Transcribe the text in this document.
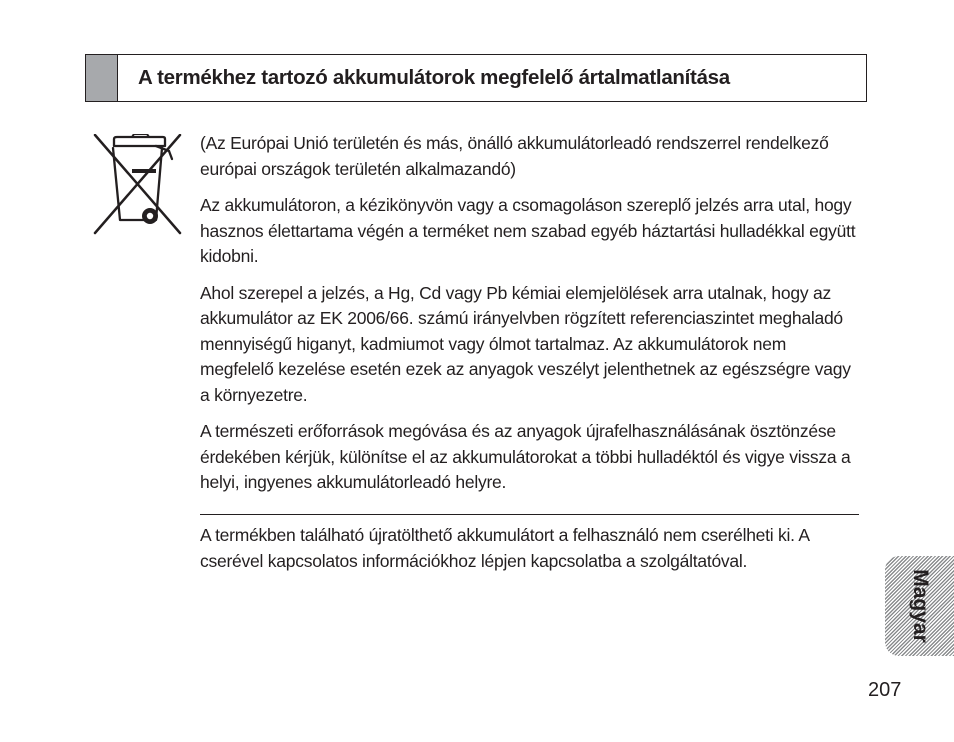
A termékhez tartozó akkumulátorok megfelelő ártalmatlanítása

(Az Európai Unió területén és más, önálló akkumulátorleadó rendszerrel rendelkező európai országok területén alkalmazandó)

Az akkumulátoron, a kézikönyvön vagy a csomagoláson szereplő jelzés arra utal, hogy hasznos élettartama végén a terméket nem szabad egyéb háztartási hulladékkal együtt kidobni.

Ahol szerepel a jelzés, a Hg, Cd vagy Pb kémiai elemjelölések arra utalnak, hogy az akkumulátor az EK 2006/66. számú irányelvben rögzített referenciaszintet meghaladó mennyiségű higanyt, kadmiumot vagy ólmot tartalmaz. Az akkumulátorok nem megfelelő kezelése esetén ezek az anyagok veszélyt jelenthetnek az egészségre vagy a környezetre.

A természeti erőforrások megóvása és az anyagok újrafelhasználásának ösztönzése érdekében kérjük, különítse el az akkumulátorokat a többi hulladéktól és vigye vissza a helyi, ingyenes akkumulátorleadó helyre.

A termékben található újratölthető akkumulátort a felhasználó nem cserélheti ki. A cserével kapcsolatos információkhoz lépjen kapcsolatba a szolgáltatóval.
Magyar
207
